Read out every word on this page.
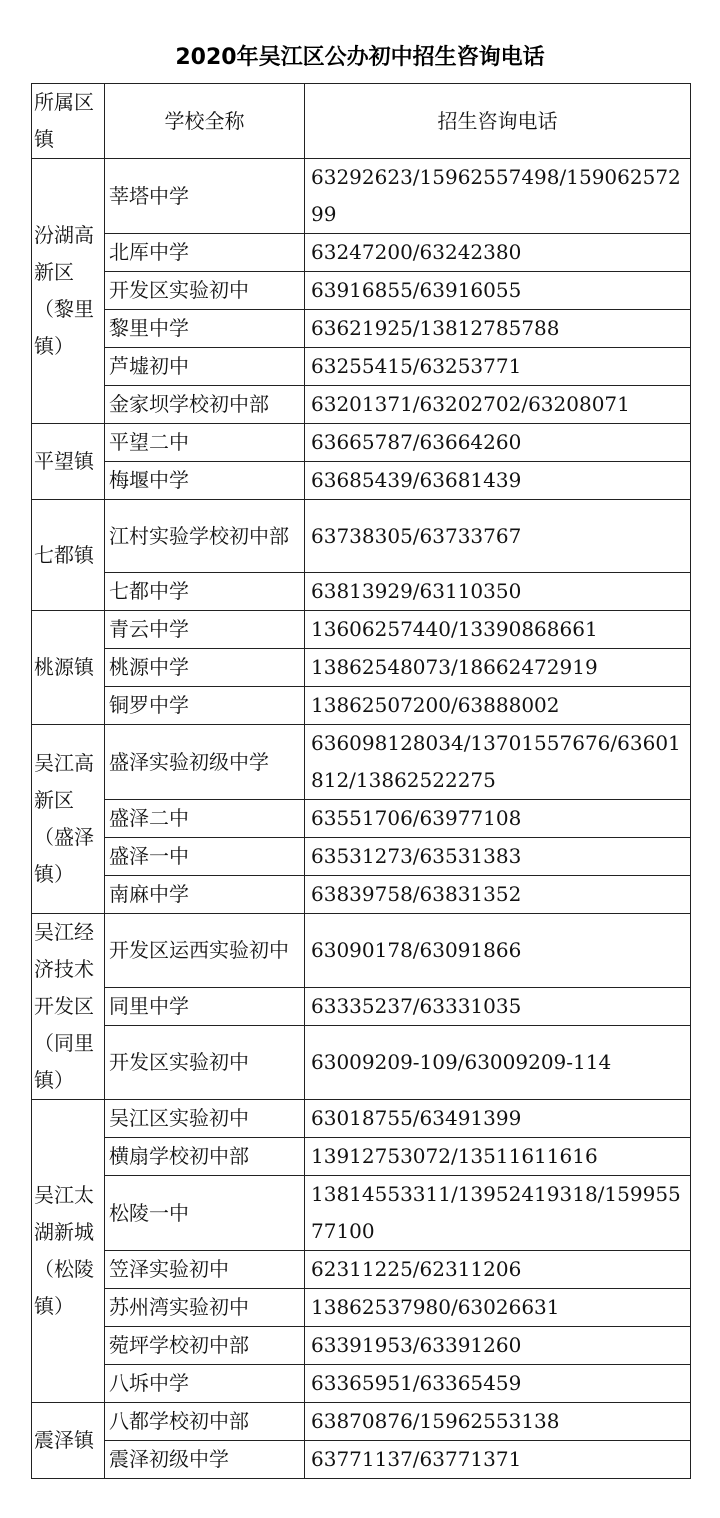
2020年吴江区公办初中招生咨询电话
所属区镇	学校全称	招生咨询电话
汾湖高新区（黎里镇）	莘塔中学	63292623/15962557498/15906257299
	北厍中学	63247200/63242380
	开发区实验初中	63916855/63916055
	黎里中学	63621925/13812785788
	芦墟初中	63255415/63253771
	金家坝学校初中部	63201371/63202702/63208071
平望镇	平望二中	63665787/63664260
	梅堰中学	63685439/63681439
七都镇	江村实验学校初中部	63738305/63733767
	七都中学	63813929/63110350
桃源镇	青云中学	13606257440/13390868661
	桃源中学	13862548073/18662472919
	铜罗中学	13862507200/63888002
吴江高新区（盛泽镇）	盛泽实验初级中学	636098128034/13701557676/63601812/13862522275
	盛泽二中	63551706/63977108
	盛泽一中	63531273/63531383
	南麻中学	63839758/63831352
吴江经济技术开发区（同里镇）	开发区运西实验初中	63090178/63091866
	同里中学	63335237/63331035
	开发区实验初中	63009209-109/63009209-114
吴江太湖新城（松陵镇）	吴江区实验初中	63018755/63491399
	横扇学校初中部	13912753072/13511611616
	松陵一中	13814553311/13952419318/15995577100
	笠泽实验初中	62311225/62311206
	苏州湾实验初中	13862537980/63026631
	菀坪学校初中部	63391953/63391260
	八坼中学	63365951/63365459
震泽镇	八都学校初中部	63870876/15962553138
	震泽初级中学	63771137/63771371
